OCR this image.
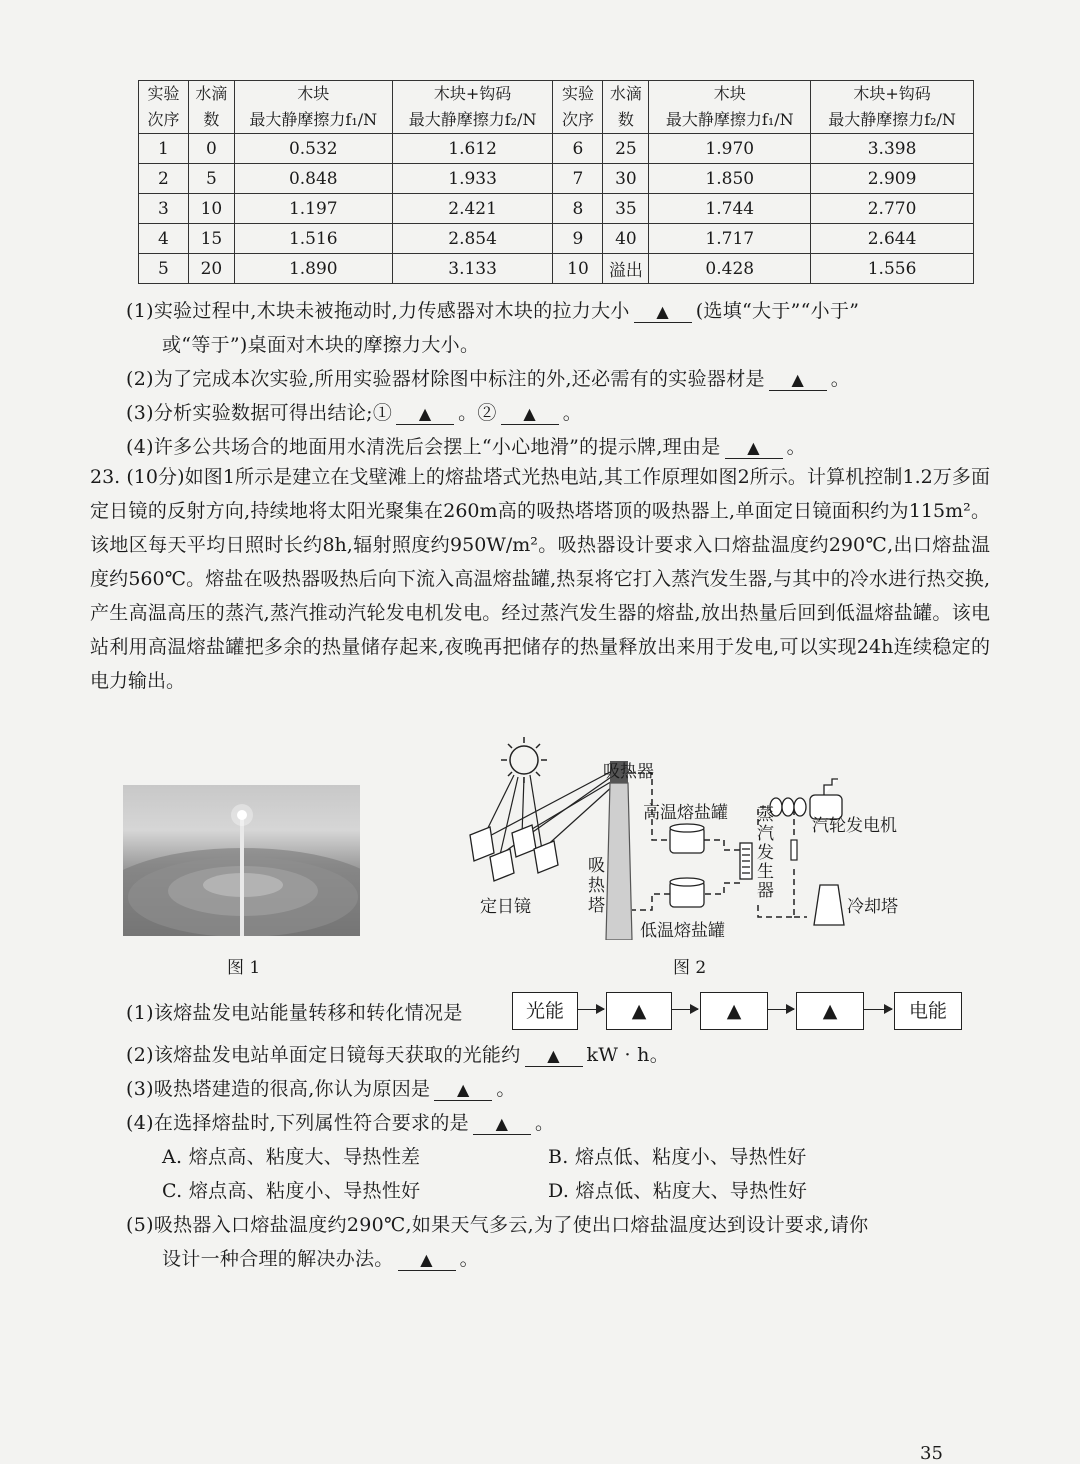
实验	水滴	木块	木块+钩码	实验	水滴	木块	木块+钩码
次序	数	最大静摩擦力f₁/N	最大静摩擦力f₂/N	次序	数	最大静摩擦力f₁/N	最大静摩擦力f₂/N
1	0	0.532	1.612	6	25	1.970	3.398
2	5	0.848	1.933	7	30	1.850	2.909
3	10	1.197	2.421	8	35	1.744	2.770
4	15	1.516	2.854	9	40	1.717	2.644
5	20	1.890	3.133	10	溢出	0.428	1.556
(1)实验过程中,木块未被拖动时,力传感器对木块的拉力大小 ▲ (选填“大于”“小于”
或“等于”)桌面对木块的摩擦力大小。
(2)为了完成本次实验,所用实验器材除图中标注的外,还必需有的实验器材是 ▲ 。
(3)分析实验数据可得出结论;① ▲ 。② ▲ 。
(4)许多公共场合的地面用水清洗后会摆上“小心地滑”的提示牌,理由是 ▲ 。
23. (10分)如图1所示是建立在戈壁滩上的熔盐塔式光热电站,其工作原理如图2所示。计算机控制1.2万多面定日镜的反射方向,持续地将太阳光聚集在260m高的吸热塔塔顶的吸热器上,单面定日镜面积约为115m²。该地区每天平均日照时长约8h,辐射照度约950W/m²。吸热器设计要求入口熔盐温度约290℃,出口熔盐温度约560℃。熔盐在吸热器吸热后向下流入高温熔盐罐,热泵将它打入蒸汽发生器,与其中的冷水进行热交换,产生高温高压的蒸汽,蒸汽推动汽轮发电机发电。经过蒸汽发生器的熔盐,放出热量后回到低温熔盐罐。该电站利用高温熔盐罐把多余的热量储存起来,夜晚再把储存的热量释放出来用于发电,可以实现24h连续稳定的电力输出。
图 1
吸热器
高温熔盐罐
汽轮发电机
蒸
汽
发
生
器
吸
热
塔
定日镜
低温熔盐罐
冷却塔
图 2
(1)该熔盐发电站能量转移和转化情况是	光能	▲	▲	▲	电能
(2)该熔盐发电站单面定日镜每天获取的光能约 ▲ kW · h。
(3)吸热塔建造的很高,你认为原因是 ▲ 。
(4)在选择熔盐时,下列属性符合要求的是 ▲ 。
A. 熔点高、粘度大、导热性差	B. 熔点低、粘度小、导热性好
C. 熔点高、粘度小、导热性好	D. 熔点低、粘度大、导热性好
(5)吸热器入口熔盐温度约290℃,如果天气多云,为了使出口熔盐温度达到设计要求,请你
设计一种合理的解决办法。 ▲ 。
35
